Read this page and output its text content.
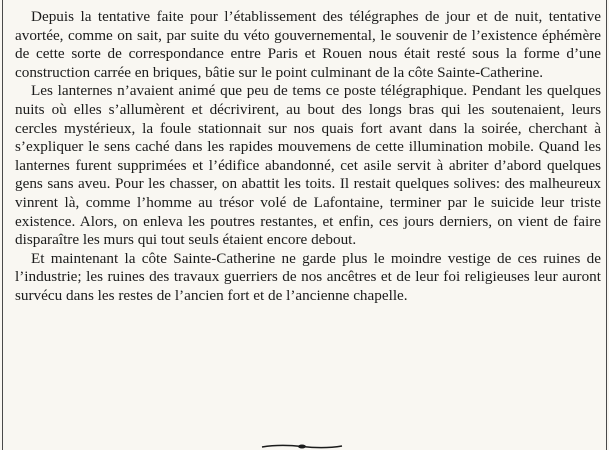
Depuis la tentative faite pour l’établissement des télégraphes de jour et de nuit, tentative avortée, comme on sait, par suite du véto gouvernemental, le souvenir de l’existence éphémère de cette sorte de correspondance entre Paris et Rouen nous était resté sous la forme d’une construction carrée en briques, bâtie sur le point culminant de la côte Sainte-Catherine.

Les lanternes n’avaient animé que peu de tems ce poste télégraphique. Pendant les quelques nuits où elles s’allumèrent et décrivirent, au bout des longs bras qui les soutenaient, leurs cercles mystérieux, la foule stationnait sur nos quais fort avant dans la soirée, cherchant à s’expliquer le sens caché dans les rapides mouvemens de cette illumination mobile. Quand les lanternes furent supprimées et l’édifice abandonné, cet asile servit à abriter d’abord quelques gens sans aveu. Pour les chasser, on abattit les toits. Il restait quelques solives: des malheureux vinrent là, comme l’homme au trésor volé de Lafontaine, terminer par le suicide leur triste existence. Alors, on enleva les poutres restantes, et enfin, ces jours derniers, on vient de faire disparaître les murs qui tout seuls étaient encore debout.

Et maintenant la côte Sainte-Catherine ne garde plus le moindre vestige de ces ruines de l’industrie; les ruines des travaux guerriers de nos ancêtres et de leur foi religieuses leur auront survécu dans les restes de l’ancien fort et de l’ancienne chapelle.
